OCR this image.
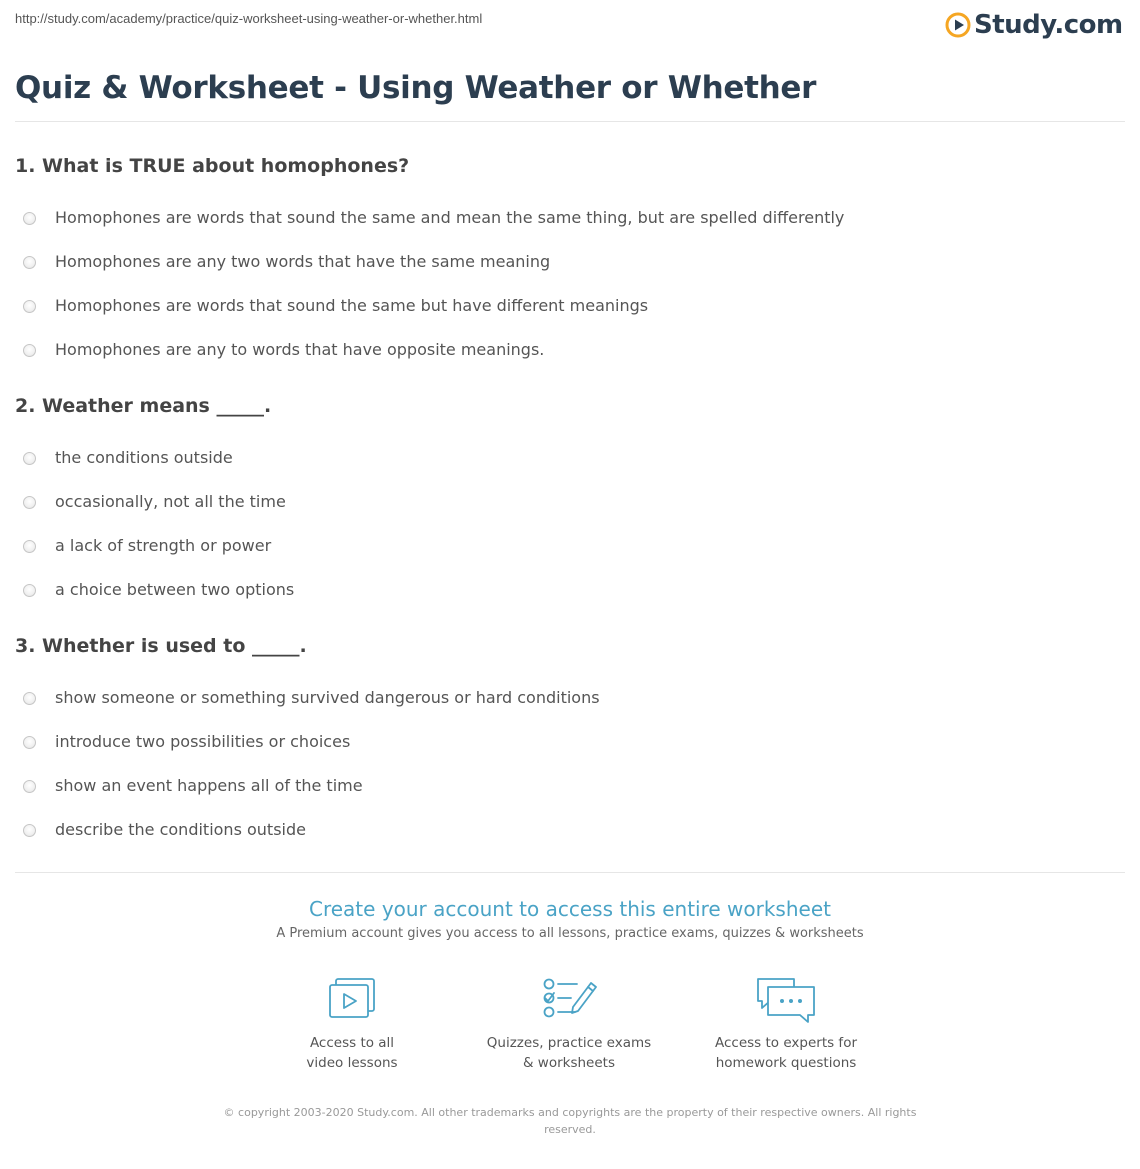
http://study.com/academy/practice/quiz-worksheet-using-weather-or-whether.html	Study.com
Quiz & Worksheet - Using Weather or Whether
1. What is TRUE about homophones?
Homophones are words that sound the same and mean the same thing, but are spelled differently
Homophones are any two words that have the same meaning
Homophones are words that sound the same but have different meanings
Homophones are any to words that have opposite meanings.
2. Weather means _____.
the conditions outside
occasionally, not all the time
a lack of strength or power
a choice between two options
3. Whether is used to _____.
show someone or something survived dangerous or hard conditions
introduce two possibilities or choices
show an event happens all of the time
describe the conditions outside
Create your account to access this entire worksheet

A Premium account gives you access to all lessons, practice exams, quizzes & worksheets

Access to all
video lessons
Quizzes, practice exams
& worksheets
Access to experts for
homework questions
© copyright 2003-2020 Study.com. All other trademarks and copyrights are the property of their respective owners. All rights
reserved.
